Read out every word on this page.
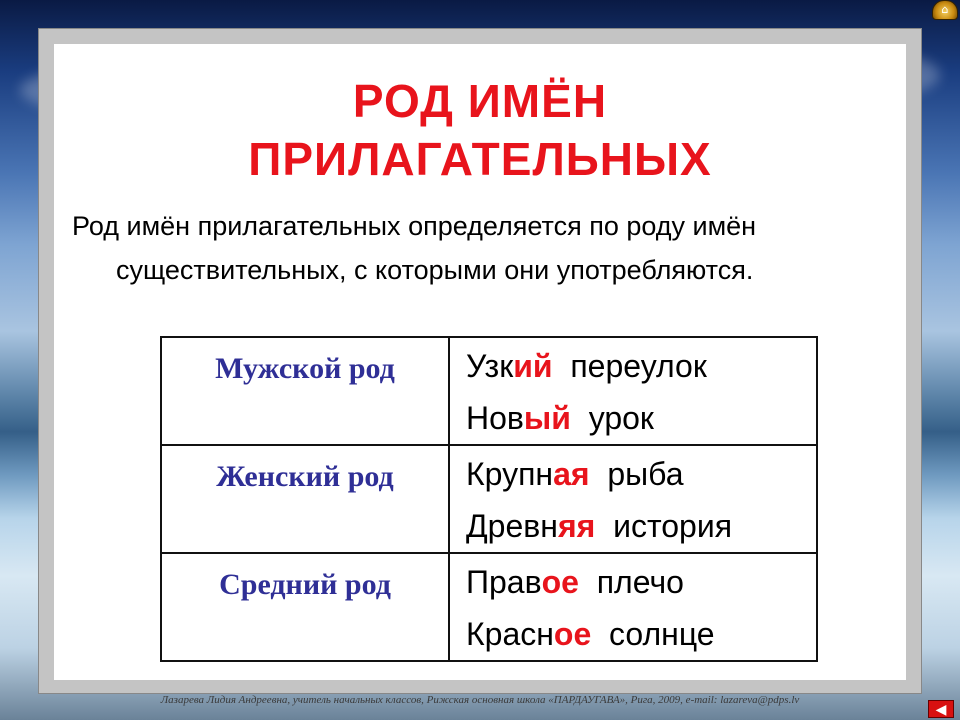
РОД ИМЁН
ПРИЛАГАТЕЛЬНЫХ
Род имён прилагательных определяется по роду имён
существительных, с которыми они употребляются.
Мужской род	Узкий переулок
Новый урок

Женский род	Крупная рыба
Древняя история

Средний род	Правое плечо
Красное солнце
Лазарева Лидия Андреевна, учитель начальных классов, Рижская основная школа «ПАРДАУГАВА», Рига, 2009, e-mail: lazareva@pdps.lv
⌂
◀
